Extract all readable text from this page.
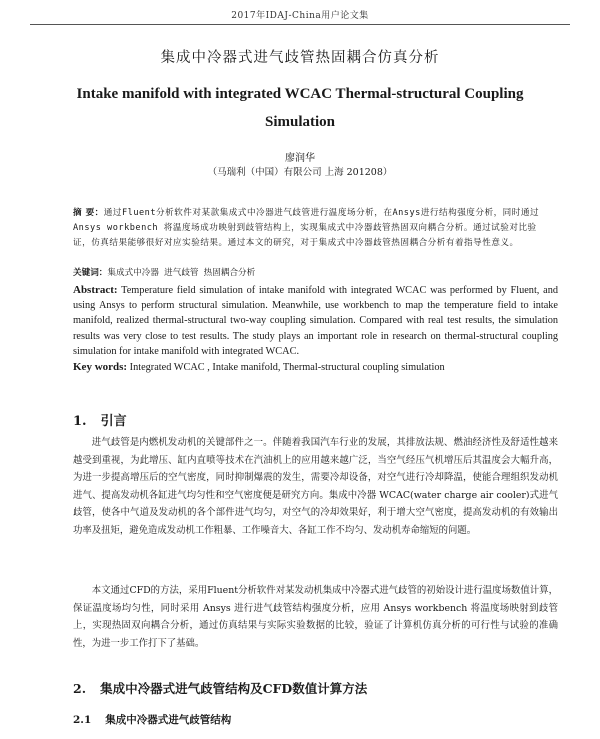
2017年IDAJ-China用户论文集
集成中冷器式进气歧管热固耦合仿真分析
Intake manifold with integrated WCAC Thermal-structural Coupling Simulation
廖润华
（马瑞利（中国）有限公司 上海 201208）
摘 要：通过Fluent分析软件对某款集成式中冷器进气歧管进行温度场分析，在Ansys进行结构强度分析，同时通过 Ansys workbench 将温度场成功映射到歧管结构上，实现集成式中冷器歧管热固双向耦合分析。通过试验对比验证，仿真结果能够很好对应实验结果。通过本文的研究，对于集成式中冷器歧管热固耦合分析有着指导性意义。
关键词：集成式中冷器 进气歧管 热固耦合分析
Abstract: Temperature field simulation of intake manifold with integrated WCAC was performed by Fluent, and using Ansys to perform structural simulation. Meanwhile, use workbench to map the temperature field to intake manifold, realized thermal-structural two-way coupling simulation. Compared with real test results, the simulation results was very close to test results. The study plays an important role in research on thermal-structural coupling simulation for intake manifold with integrated WCAC.
Key words: Integrated WCAC , Intake manifold, Thermal-structural coupling simulation
1. 引言
进气歧管是内燃机发动机的关键部件之一。伴随着我国汽车行业的发展，其排放法规、燃油经济性及舒适性越来越受到重视，为此增压、缸内直喷等技术在汽油机上的应用越来越广泛，当空气经压气机增压后其温度会大幅升高，为进一步提高增压后的空气密度，同时抑制爆震的发生，需要冷却设备，对空气进行冷却降温，使能合理组织发动机进气、提高发动机各缸进气均匀性和空气密度便是研究方向。集成中冷器 WCAC(water charge air cooler)式进气歧管，使各中气道及发动机的各个部件进气均匀，对空气的冷却效果好，利于增大空气密度，提高发动机的有效输出功率及扭矩，避免造成发动机工作粗暴、工作噪音大、各缸工作不均匀、发动机寿命缩短的问题。
本文通过CFD的方法，采用Fluent分析软件对某发动机集成中冷器式进气歧管的初始设计进行温度场数值计算，保证温度场均匀性，同时采用 Ansys 进行进气歧管结构强度分析，应用 Ansys workbench 将温度场映射到歧管上，实现热固双向耦合分析，通过仿真结果与实际实验数据的比较，验证了计算机仿真分析的可行性与试验的准确性，为进一步工作打下了基础。
2. 集成中冷器式进气歧管结构及CFD数值计算方法
2.1 集成中冷器式进气歧管结构
